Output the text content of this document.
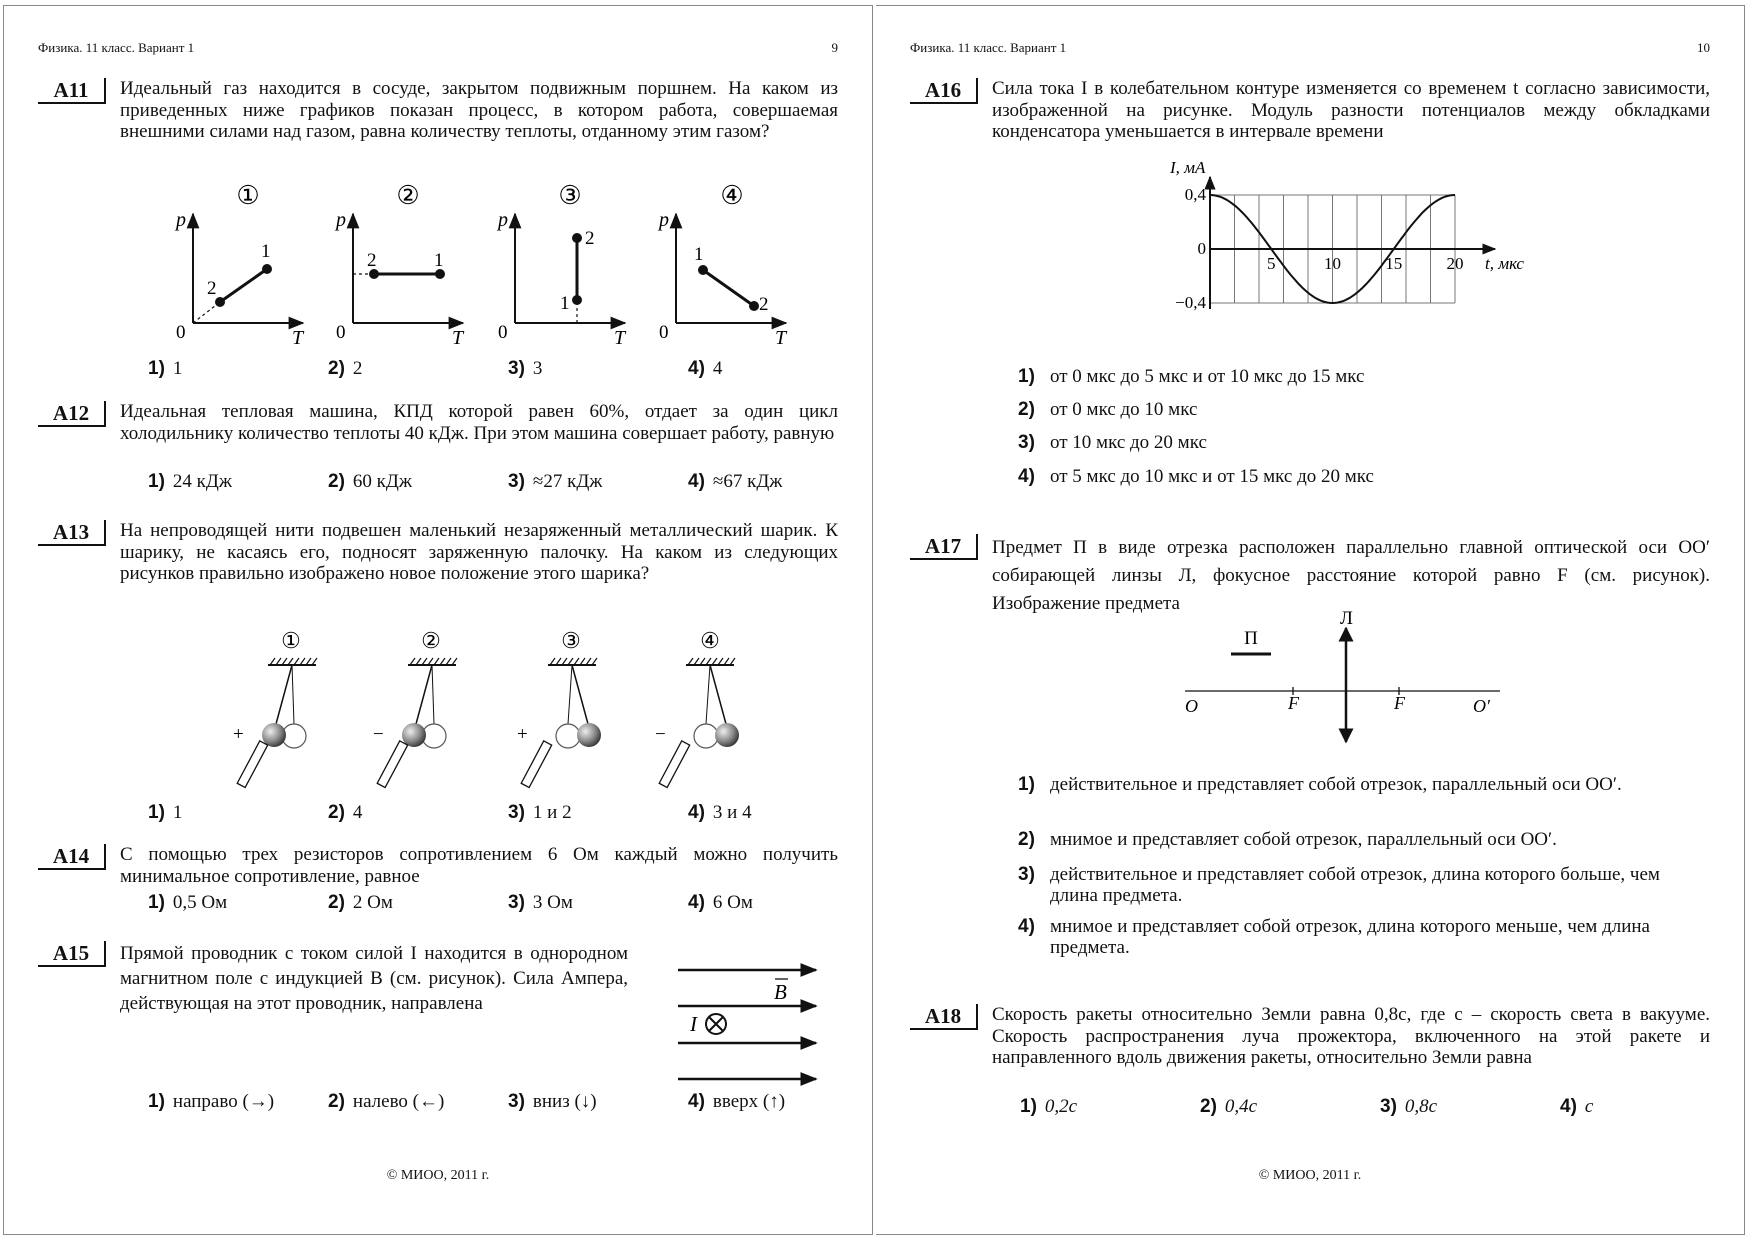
Физика. 11 класс. Вариант 1	9
А11	Идеальный газ находится в сосуде, закрытом подвижным поршнем. На каком из приведенных ниже графиков показан процесс, в котором работа, совершаемая внешними силами над газом, равна количеству теплоты, отданному этим газом?
①
p
T
0
2
1
②
p
T
0
2	1
③
p
T
0
2
1
④
p
T
0
1
2
1) 1	2) 2	3) 3	4) 4
А12	Идеальная тепловая машина, КПД которой равен 60%, отдает за один цикл холодильнику количество теплоты 40 кДж. При этом машина совершает работу, равную
1) 24 кДж	2) 60 кДж	3) ≈27 кДж	4) ≈67 кДж
А13	На непроводящей нити подвешен маленький незаряженный металлический шарик. К шарику, не касаясь его, подносят заряженную палочку. На каком из следующих рисунков правильно изображено новое положение этого шарика?
①
+
②
−
③
+
④
−
1) 1	2) 4	3) 1 и 2	4) 3 и 4
А14	С помощью трех резисторов сопротивлением 6 Ом каждый можно получить минимальное сопротивление, равное
1) 0,5 Ом	2) 2 Ом	3) 3 Ом	4) 6 Ом
А15	Прямой проводник с током силой I находится в однородном магнитном поле с индукцией B (см. рисунок). Сила Ампера, действующая на этот проводник, направлена	B
I
1) направо (→)	2) налево (←)	3) вниз (↓)	4) вверх (↑)
© МИОО, 2011 г.
Физика. 11 класс. Вариант 1	10
А16	Сила тока I в колебательном контуре изменяется со временем t согласно зависимости, изображенной на рисунке. Модуль разности потенциалов между обкладками конденсатора уменьшается в интервале времени
I, мА
t, мкс
0,4
0
−0,4
5	10	15	20
1) от 0 мкс до 5 мкс и от 10 мкс до 15 мкс
2) от 0 мкс до 10 мкс
3) от 10 мкс до 20 мкс
4) от 5 мкс до 10 мкс и от 15 мкс до 20 мкс
А17	Предмет П в виде отрезка расположен параллельно главной оптической оси OO′ собирающей линзы Л, фокусное расстояние которой равно F (см. рисунок). Изображение предмета
П
Л
O	F	F	O′
1) действительное и представляет собой отрезок, параллельный оси OO′.
2) мнимое и представляет собой отрезок, параллельный оси OO′.
3) действительное и представляет собой отрезок, длина которого больше, чем длина предмета.
4) мнимое и представляет собой отрезок, длина которого меньше, чем длина предмета.
А18	Скорость ракеты относительно Земли равна 0,8c, где c – скорость света в вакууме. Скорость распространения луча прожектора, включенного на этой ракете и направленного вдоль движения ракеты, относительно Земли равна
1) 0,2c	2) 0,4c	3) 0,8c	4) c
© МИОО, 2011 г.
